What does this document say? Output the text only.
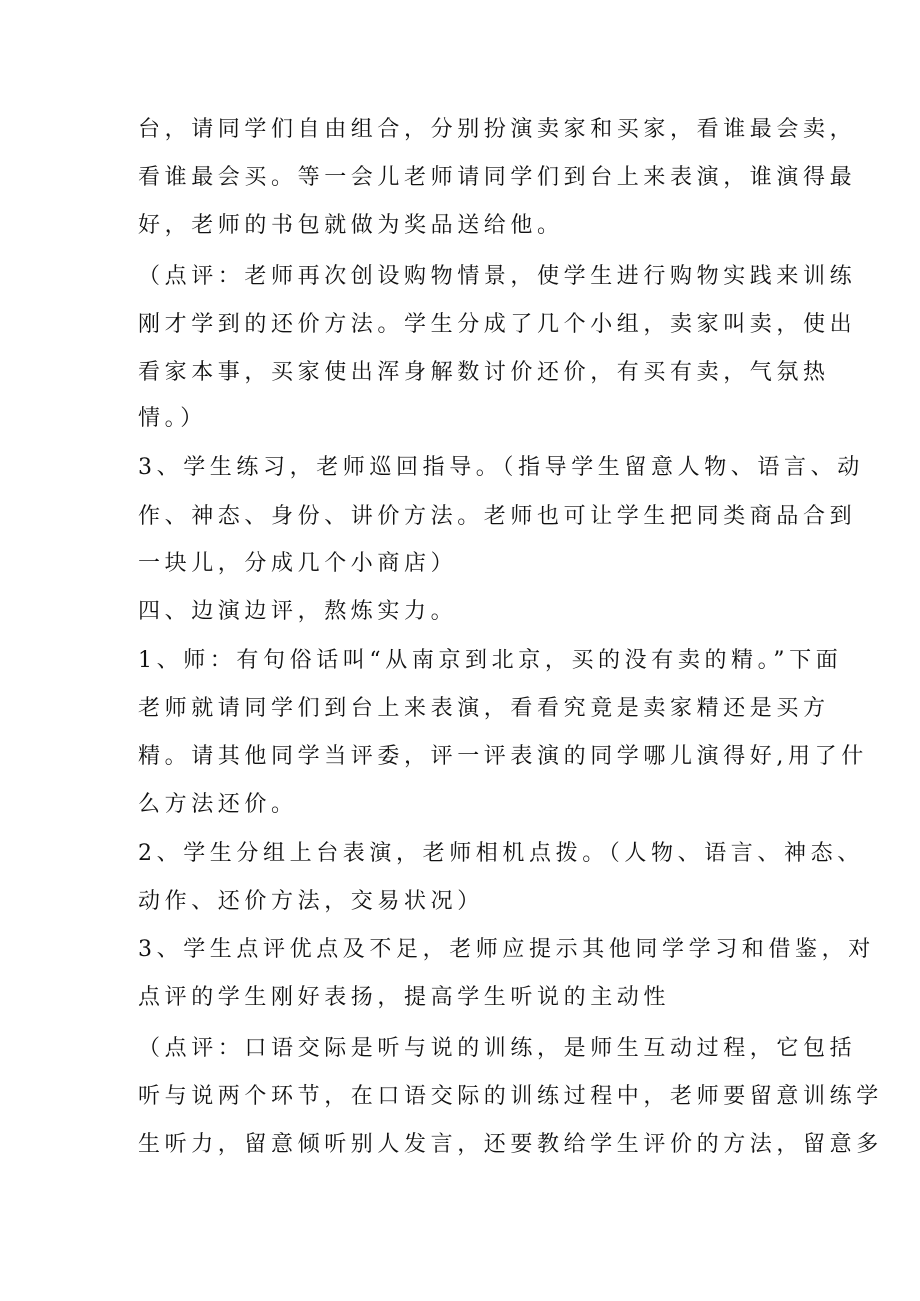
台，请同学们自由组合，分别扮演卖家和买家，看谁最会卖，
看谁最会买。等一会儿老师请同学们到台上来表演，谁演得最
好，老师的书包就做为奖品送给他。
（点评：老师再次创设购物情景，使学生进行购物实践来训练
刚才学到的还价方法。学生分成了几个小组，卖家叫卖，使出
看家本事，买家使出浑身解数讨价还价，有买有卖，气氛热
情。）
3、学生练习，老师巡回指导。（指导学生留意人物、语言、动
作、神态、身份、讲价方法。老师也可让学生把同类商品合到
一块儿，分成几个小商店）
四、边演边评，熬炼实力。
1、师：有句俗话叫“从南京到北京，买的没有卖的精。”下面
老师就请同学们到台上来表演，看看究竟是卖家精还是买方
精。请其他同学当评委，评一评表演的同学哪儿演得好,用了什
么方法还价。
2、学生分组上台表演，老师相机点拨。（人物、语言、神态、
动作、还价方法，交易状况）
3、学生点评优点及不足，老师应提示其他同学学习和借鉴，对
点评的学生刚好表扬，提高学生听说的主动性
（点评：口语交际是听与说的训练，是师生互动过程，它包括
听与说两个环节，在口语交际的训练过程中，老师要留意训练学
生听力，留意倾听别人发言，还要教给学生评价的方法，留意多
